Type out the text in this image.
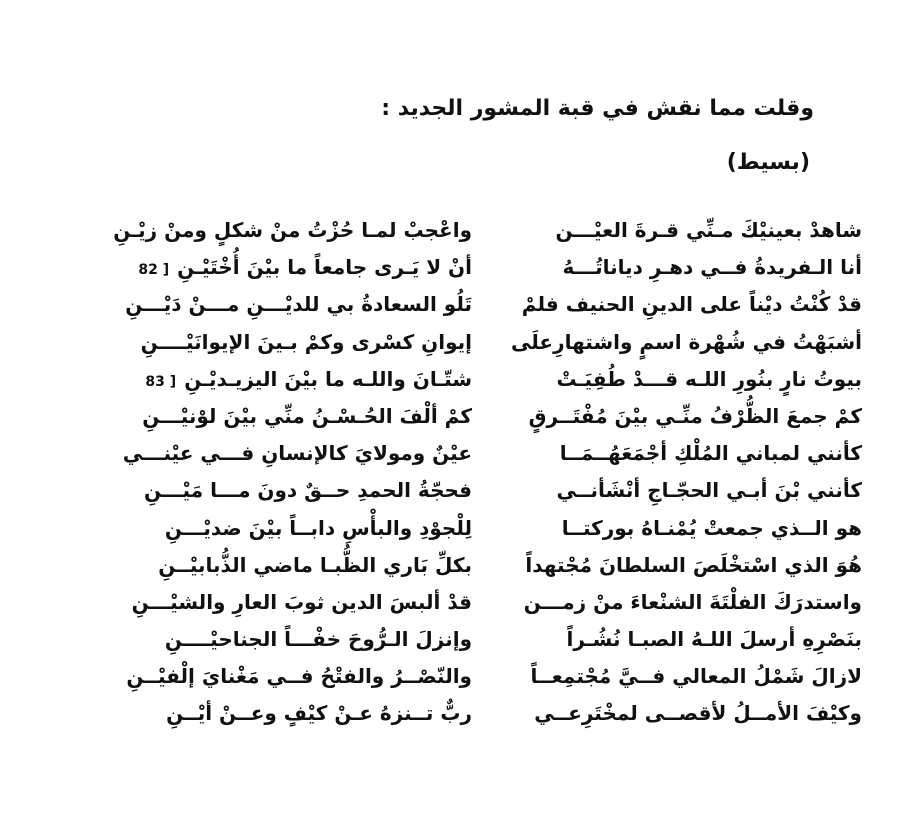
وقلت مما نقش في قبة المشور الجديد :
(بسيط)
شاهدْ بعينيْكَ مـنِّي قـرةَ العيْـــن
أنا الـفريدةُ فــي دهـرِ دياناتُـــهُ
قدْ كُنْتُ ديْناً على الدينِ الحنيف فلمْ
أشبَهْتُ في شُهْرة اسمٍ واشتهارِعلَى
بيوتُ نارٍ بنُورِ اللـه قـــدْ طُفِيَـتْ
كمْ جمعَ الظُّرْفُ منِّـي بيْنَ مُفْتَــرقٍ
كأنني لمباني المُلْكِ أجْمَعَهُــمَــا
كأنني بْنَ أبـي الحجّـاجِ أنْشَأنــي
هو الــذي جمعتْ يُمْنـاهُ بوركتــا
هُوَ الذي اسْتخْلَصَ السلطانَ مُجْتهداً
واستدرَكَ الفلْتَةَ الشنْعاءَ منْ زمـــن
بنَصْرِهِ أرسلَ اللـهُ الصبـا نُشُـراً
لازالَ شَمْلُ المعالي فــيَّ مُجْتمِعــاً
وكيْفَ الأمــلُ لأقصــى لمخْتَرِعــي
واعْجبْ لمـا حُزْتُ منْ شكلٍ ومنْ زيْـنِ
أنْ لا يَـرى جامعاً ما بيْنَ أُخْتَيْـنِ[ 82
تَلُو السعادةُ بي للديْـــنِ مـــنْ دَيْـــنِ
إيوانِ كسْرى وكمْ بـينَ الإيوانَيْــــنِ
شتّـانَ واللـه ما بيْنَ اليزيـديْـنِ[ 83
كمْ ألْفَ الحُـسْـنُ منِّي بيْنَ لوْنيْـــنِ
عيْنٌ ومولايَ كالإنسانِ فـــي عيْنـــي
فحجّةُ الحمدِ حــقٌ دونَ مـــا مَيْـــنِ
لِلْجوْدِ والبأْسِ دابــاً بيْنَ ضديْـــنِ
بكلِّ بَاري الظُّبـا ماضي الذُّبابيْــنِ
قدْ ألبسَ الدين ثوبَ العارِ والشيْـــنِ
وإنزلَ الـرُّوحَ خفْـــاً الجناحيْــــنِ
والنّصْــرُ والفتْحُ فــي مَغْنايَ إلْفيْــنِ
ربٌّ تــنزهُ عـنْ كيْفٍ وعــنْ أيْــنِ
